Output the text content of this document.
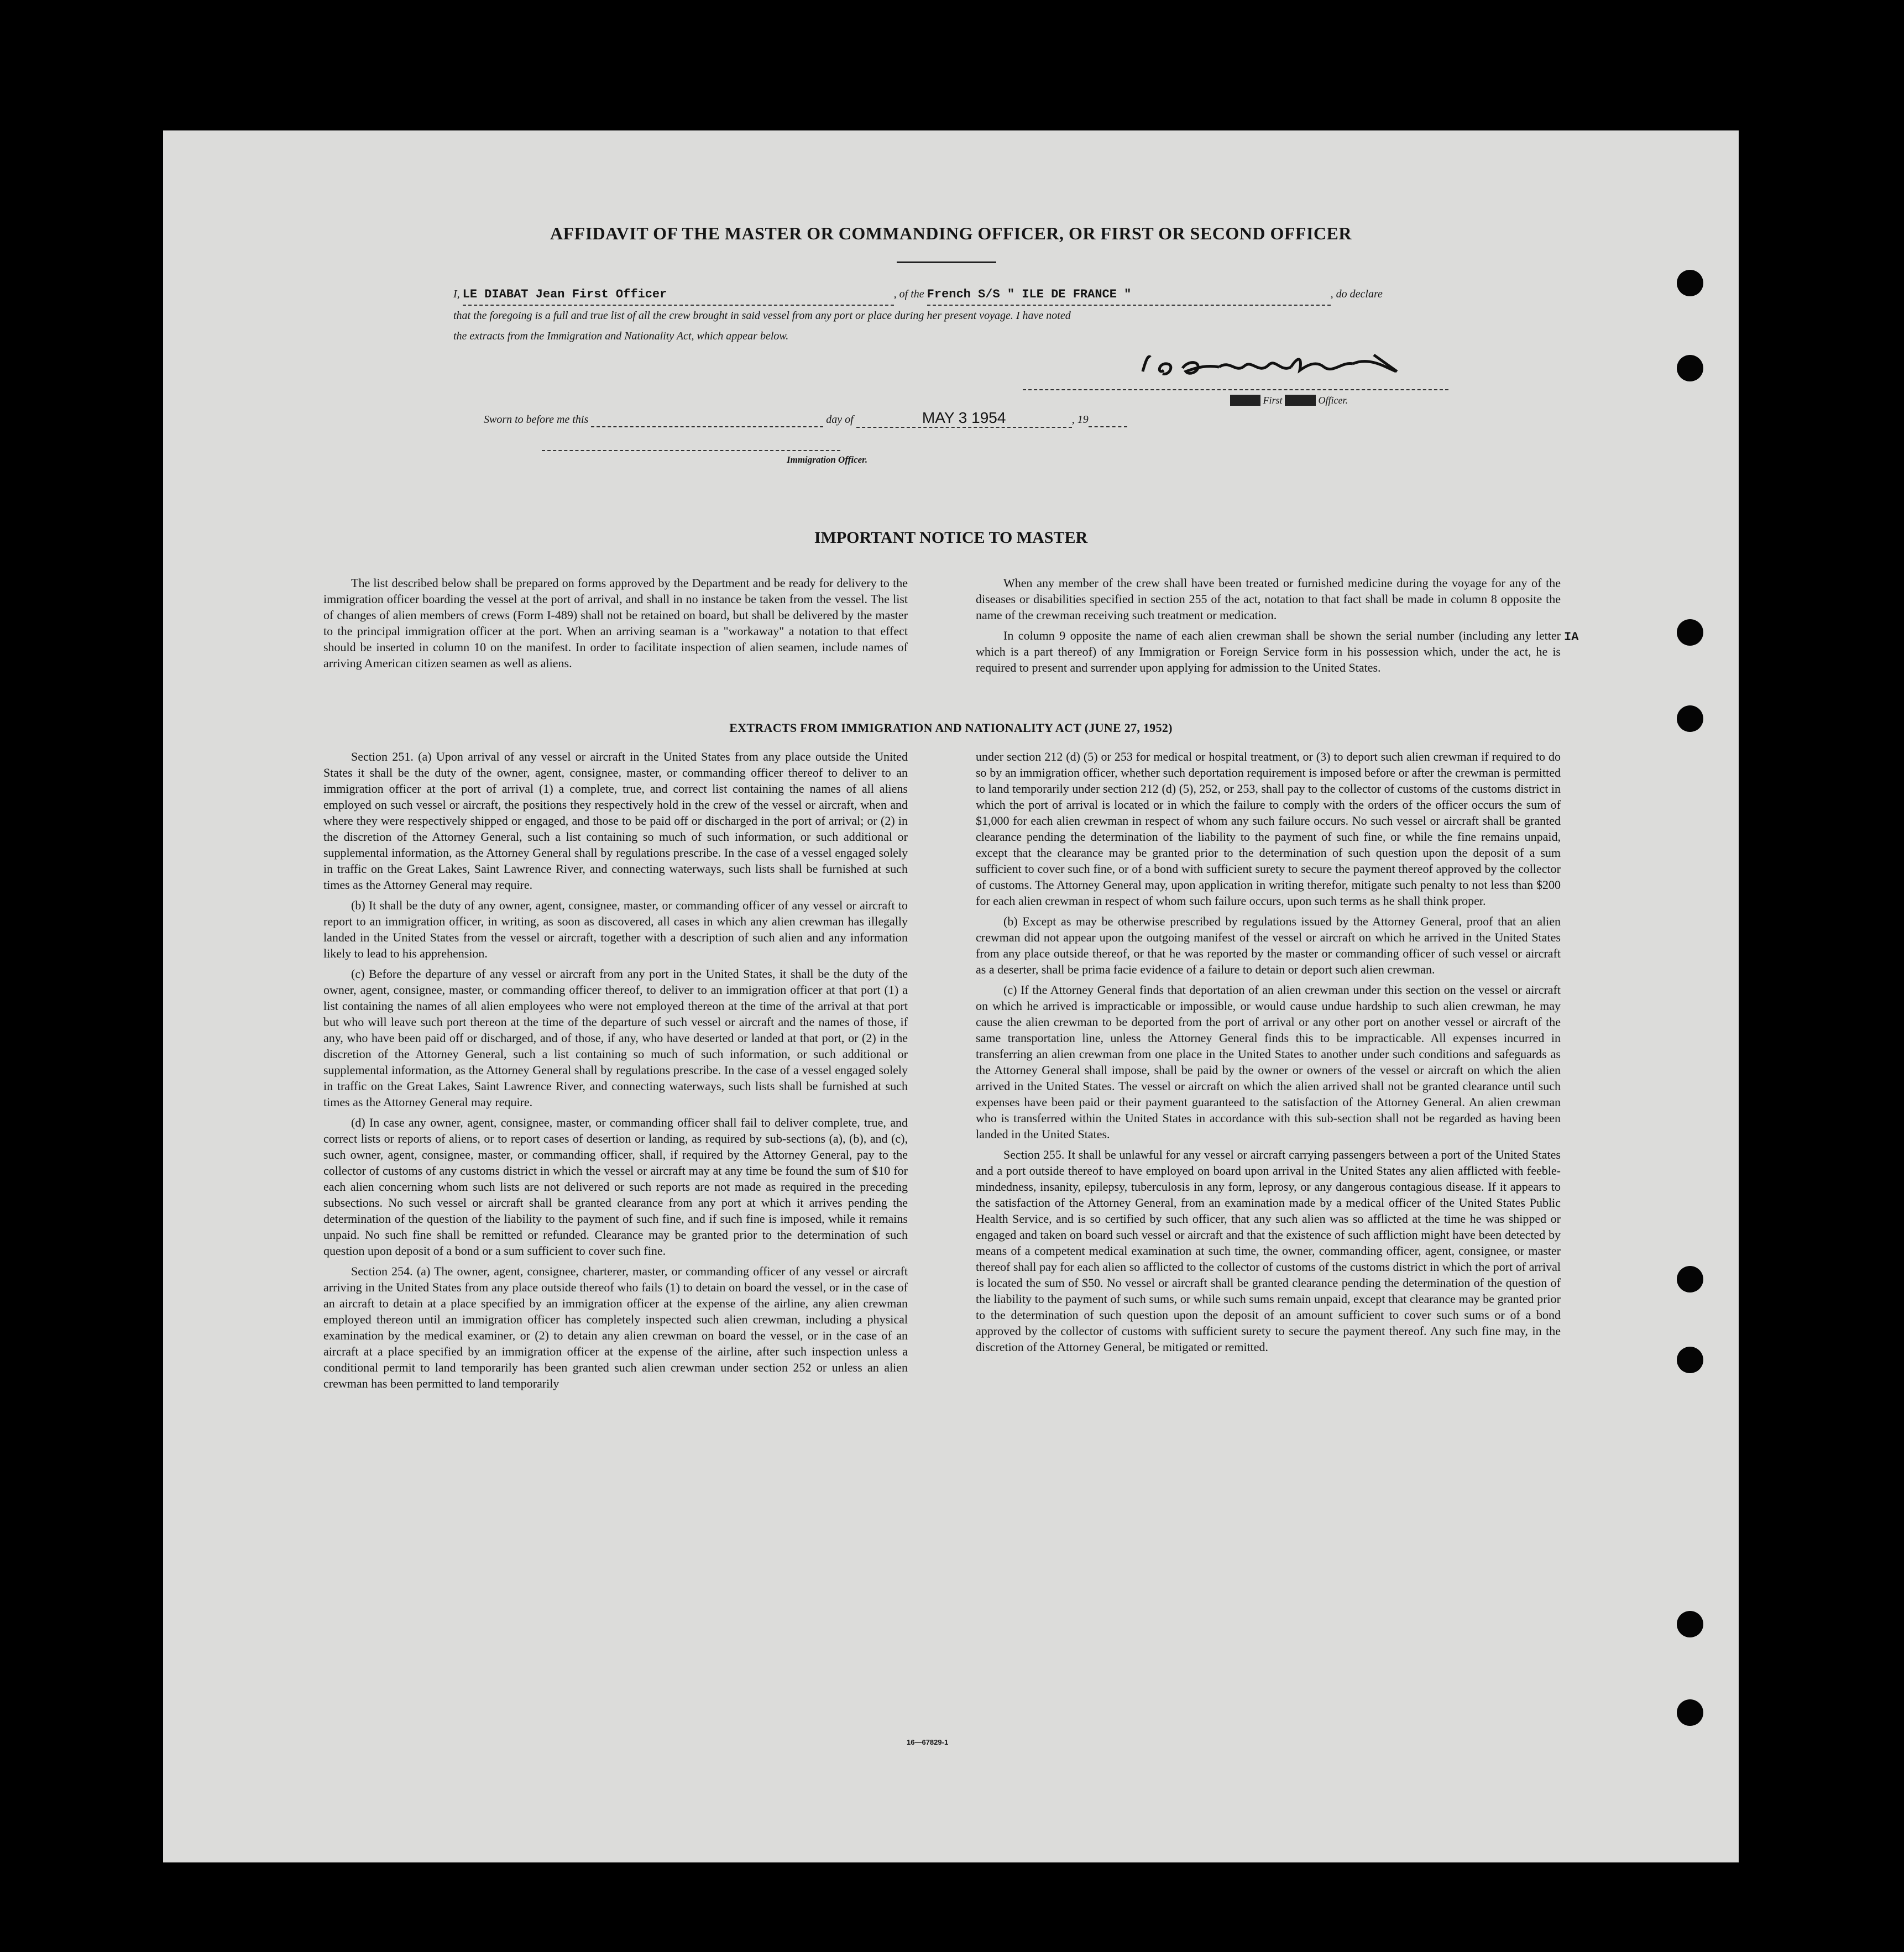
AFFIDAVIT OF THE MASTER OR COMMANDING OFFICER, OR FIRST OR SECOND OFFICER
I, LE DIABAT Jean First Officer	, of the French S/S " ILE DE FRANCE "	, do declare
that the foregoing is a full and true list of all the crew brought in said vessel from any port or place during her present voyage. I have noted
the extracts from the Immigration and Nationality Act, which appear below.
Master First Second Officer.
Sworn to before me this	day of	MAY 3 1954	, 19
Immigration Officer.
IMPORTANT NOTICE TO MASTER

The list described below shall be prepared on forms approved by the Department and be ready for delivery to the immigration officer boarding the vessel at the port of arrival, and shall in no instance be taken from the vessel. The list of changes of alien members of crews (Form I-489) shall not be retained on board, but shall be delivered by the master to the principal immigration officer at the port. When an arriving seaman is a "workaway" a notation to that effect should be inserted in column 10 on the manifest. In order to facilitate inspection of alien seamen, include names of arriving American citizen seamen as well as aliens.

When any member of the crew shall have been treated or furnished medicine during the voyage for any of the diseases or disabilities specified in section 255 of the act, notation to that fact shall be made in column 8 opposite the name of the crewman receiving such treatment or medication.

In column 9 opposite the name of each alien crewman shall be shown the serial number (including any letter which is a part thereof) of any Immigration or Foreign Service form in his possession which, under the act, he is required to present and surrender upon applying for admission to the United States.

IA
EXTRACTS FROM IMMIGRATION AND NATIONALITY ACT (JUNE 27, 1952)

Section 251. (a) Upon arrival of any vessel or aircraft in the United States from any place outside the United States it shall be the duty of the owner, agent, consignee, master, or commanding officer thereof to deliver to an immigration officer at the port of arrival (1) a complete, true, and correct list containing the names of all aliens employed on such vessel or aircraft, the positions they respectively hold in the crew of the vessel or aircraft, when and where they were respectively shipped or engaged, and those to be paid off or discharged in the port of arrival; or (2) in the discretion of the Attorney General, such a list containing so much of such information, or such additional or supplemental information, as the Attorney General shall by regulations prescribe. In the case of a vessel engaged solely in traffic on the Great Lakes, Saint Lawrence River, and connecting waterways, such lists shall be furnished at such times as the Attorney General may require.

(b) It shall be the duty of any owner, agent, consignee, master, or commanding officer of any vessel or aircraft to report to an immigration officer, in writing, as soon as discovered, all cases in which any alien crewman has illegally landed in the United States from the vessel or aircraft, together with a description of such alien and any information likely to lead to his apprehension.

(c) Before the departure of any vessel or aircraft from any port in the United States, it shall be the duty of the owner, agent, consignee, master, or commanding officer thereof, to deliver to an immigration officer at that port (1) a list containing the names of all alien employees who were not employed thereon at the time of the arrival at that port but who will leave such port thereon at the time of the departure of such vessel or aircraft and the names of those, if any, who have been paid off or discharged, and of those, if any, who have deserted or landed at that port, or (2) in the discretion of the Attorney General, such a list containing so much of such information, or such additional or supplemental information, as the Attorney General shall by regulations prescribe. In the case of a vessel engaged solely in traffic on the Great Lakes, Saint Lawrence River, and connecting waterways, such lists shall be furnished at such times as the Attorney General may require.

(d) In case any owner, agent, consignee, master, or commanding officer shall fail to deliver complete, true, and correct lists or reports of aliens, or to report cases of desertion or landing, as required by sub-sections (a), (b), and (c), such owner, agent, consignee, master, or commanding officer, shall, if required by the Attorney General, pay to the collector of customs of any customs district in which the vessel or aircraft may at any time be found the sum of $10 for each alien concerning whom such lists are not delivered or such reports are not made as required in the preceding subsections. No such vessel or aircraft shall be granted clearance from any port at which it arrives pending the determination of the question of the liability to the payment of such fine, and if such fine is imposed, while it remains unpaid. No such fine shall be remitted or refunded. Clearance may be granted prior to the determination of such question upon deposit of a bond or a sum sufficient to cover such fine.

Section 254. (a) The owner, agent, consignee, charterer, master, or commanding officer of any vessel or aircraft arriving in the United States from any place outside thereof who fails (1) to detain on board the vessel, or in the case of an aircraft to detain at a place specified by an immigration officer at the expense of the airline, any alien crewman employed thereon until an immigration officer has completely inspected such alien crewman, including a physical examination by the medical examiner, or (2) to detain any alien crewman on board the vessel, or in the case of an aircraft at a place specified by an immigration officer at the expense of the airline, after such inspection unless a conditional permit to land temporarily has been granted such alien crewman under section 252 or unless an alien crewman has been permitted to land temporarily

under section 212 (d) (5) or 253 for medical or hospital treatment, or (3) to deport such alien crewman if required to do so by an immigration officer, whether such deportation requirement is imposed before or after the crewman is permitted to land temporarily under section 212 (d) (5), 252, or 253, shall pay to the collector of customs of the customs district in which the port of arrival is located or in which the failure to comply with the orders of the officer occurs the sum of $1,000 for each alien crewman in respect of whom any such failure occurs. No such vessel or aircraft shall be granted clearance pending the determination of the liability to the payment of such fine, or while the fine remains unpaid, except that the clearance may be granted prior to the determination of such question upon the deposit of a sum sufficient to cover such fine, or of a bond with sufficient surety to secure the payment thereof approved by the collector of customs. The Attorney General may, upon application in writing therefor, mitigate such penalty to not less than $200 for each alien crewman in respect of whom such failure occurs, upon such terms as he shall think proper.

(b) Except as may be otherwise prescribed by regulations issued by the Attorney General, proof that an alien crewman did not appear upon the outgoing manifest of the vessel or aircraft on which he arrived in the United States from any place outside thereof, or that he was reported by the master or commanding officer of such vessel or aircraft as a deserter, shall be prima facie evidence of a failure to detain or deport such alien crewman.

(c) If the Attorney General finds that deportation of an alien crewman under this section on the vessel or aircraft on which he arrived is impracticable or impossible, or would cause undue hardship to such alien crewman, he may cause the alien crewman to be deported from the port of arrival or any other port on another vessel or aircraft of the same transportation line, unless the Attorney General finds this to be impracticable. All expenses incurred in transferring an alien crewman from one place in the United States to another under such conditions and safeguards as the Attorney General shall impose, shall be paid by the owner or owners of the vessel or aircraft on which the alien arrived in the United States. The vessel or aircraft on which the alien arrived shall not be granted clearance until such expenses have been paid or their payment guaranteed to the satisfaction of the Attorney General. An alien crewman who is transferred within the United States in accordance with this sub-section shall not be regarded as having been landed in the United States.

Section 255. It shall be unlawful for any vessel or aircraft carrying passengers between a port of the United States and a port outside thereof to have employed on board upon arrival in the United States any alien afflicted with feeble-mindedness, insanity, epilepsy, tuberculosis in any form, leprosy, or any dangerous contagious disease. If it appears to the satisfaction of the Attorney General, from an examination made by a medical officer of the United States Public Health Service, and is so certified by such officer, that any such alien was so afflicted at the time he was shipped or engaged and taken on board such vessel or aircraft and that the existence of such affliction might have been detected by means of a competent medical examination at such time, the owner, commanding officer, agent, consignee, or master thereof shall pay for each alien so afflicted to the collector of customs of the customs district in which the port of arrival is located the sum of $50. No vessel or aircraft shall be granted clearance pending the determination of the question of the liability to the payment of such sums, or while such sums remain unpaid, except that clearance may be granted prior to the determination of such question upon the deposit of an amount sufficient to cover such sums or of a bond approved by the collector of customs with sufficient surety to secure the payment thereof. Any such fine may, in the discretion of the Attorney General, be mitigated or remitted.

16—67829-1
